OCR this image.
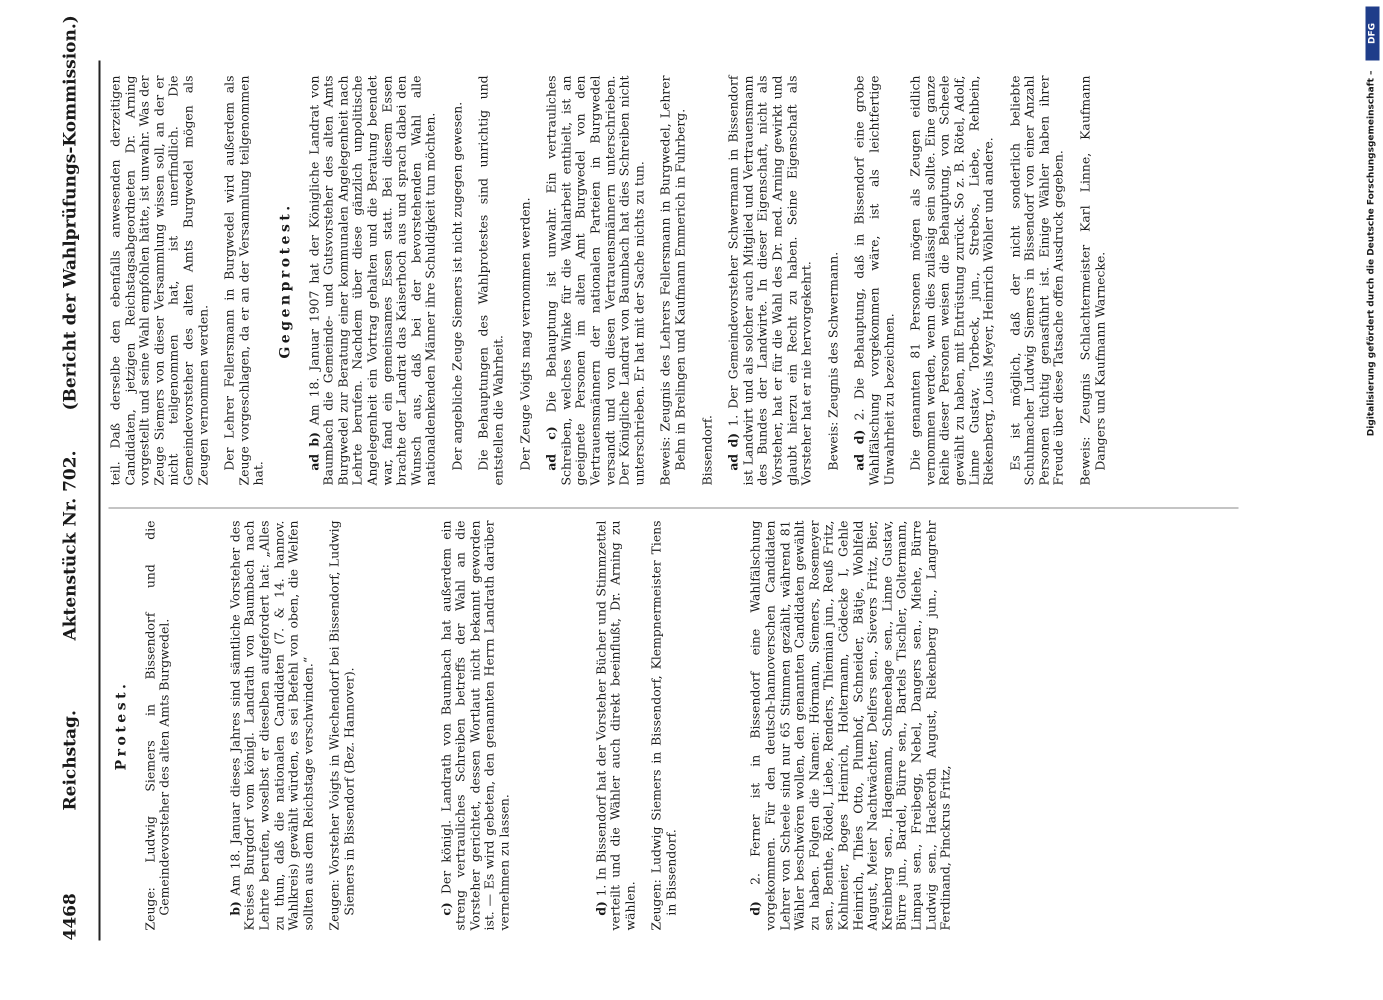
4468
Reichstag.
Aktenstück Nr. 702.
(Bericht der Wahlprüfungs-Kommission.)
Protest. Zeuge: Ludwig Siemers in Bissendorf und die Gemeindevorsteher des alten Amts Burgwedel.	b) Am 18. Januar dieses Jahres sind sämtliche Vorsteher des Kreises Burgdorf vom königl. Landrath von Baumbach nach Lehrte berufen, woselbst er dieselben aufgefordert hat: „Alles zu thun, daß die nationalen Candidaten (7. & 14. hannov. Wahlkreis) gewählt würden, es sei Befehl von oben, die Welfen sollten aus dem Reichstage verschwinden.“ Zeugen: Vorsteher Voigts in Wiechendorf bei Bissendorf, Ludwig Siemers in Bissendorf (Bez. Hannover).	c) Der königl. Landrath von Baumbach hat außerdem ein streng vertrauliches Schreiben betreffs der Wahl an die Vorsteher gerichtet, dessen Wortlaut nicht bekannt geworden ist. — Es wird gebeten, den genannten Herrn Landrath darüber vernehmen zu lassen.	d) 1. In Bissendorf hat der Vorsteher Bücher und Stimmzettel verteilt und die Wähler auch direkt beeinflußt, Dr. Arning zu wählen. Zeugen: Ludwig Siemers in Bissendorf, Klempnermeister Tiens in Bissendorf.	d) 2. Ferner ist in Bissendorf eine Wahlfälschung vorgekommen. Für den deutsch-hannoverschen Candidaten Lehrer von Scheele sind nur 65 Stimmen gezählt, während 81 Wähler beschwören wollen, den genannten Candidaten gewählt zu haben. Folgen die Namen: Hörmann, Siemers, Rosemeyer sen., Benthe, Rödel, Liebe, Renders, Thiemian jun., Reuß Fritz, Kohlmeier, Boges Heinrich, Holtermann, Gödecke I, Gehle Heinrich, Thies Otto, Plumhof, Schneider, Bätje, Wohlfeld August, Meier Nachtwächter, Delfers sen., Sievers Fritz, Bier, Kreinberg sen., Hagemann, Schneehage sen., Linne Gustav, Bürre jun., Bardel, Bürre sen., Bartels Tischler, Goltermann, Limpau sen., Freibegg, Nebel, Dangers sen., Miehe, Bürre Ludwig sen., Hackeroth August, Riekenberg jun., Langrehr Ferdinand, Pinckrus Fritz,

teil. Daß derselbe den ebenfalls anwesenden derzeitigen Candidaten, jetzigen Reichstagsabgeordneten Dr. Arning vorgestellt und seine Wahl empfohlen hätte, ist unwahr. Was der Zeuge Siemers von dieser Versammlung wissen soll, an der er nicht teilgenommen hat, ist unerfindlich. Die Gemeindevorsteher des alten Amts Burgwedel mögen als Zeugen vernommen werden. Der Lehrer Fellersmann in Burgwedel wird außerdem als Zeuge vorgeschlagen, da er an der Versammlung teilgenommen hat.

Gegenprotest.

ad b) Am 18. Januar 1907 hat der Königliche Landrat von Baumbach die Gemeinde- und Gutsvorsteher des alten Amts Burgwedel zur Beratung einer kommunalen Angelegenheit nach Lehrte berufen. Nachdem über diese gänzlich unpolitische Angelegenheit ein Vortrag gehalten und die Beratung beendet war, fand ein gemeinsames Essen statt. Bei diesem Essen brachte der Landrat das Kaiserhoch aus und sprach dabei den Wunsch aus, daß bei der bevorstehenden Wahl alle nationaldenkenden Männer ihre Schuldigkeit tun möchten. Der angebliche Zeuge Siemers ist nicht zugegen gewesen. Die Behauptungen des Wahlprotestes sind unrichtig und entstellen die Wahrheit. Der Zeuge Voigts mag vernommen werden. ad c) Die Behauptung ist unwahr. Ein vertrauliches Schreiben, welches Winke für die Wahlarbeit enthielt, ist an geeignete Personen im alten Amt Burgwedel von den Vertrauensmännern der nationalen Parteien in Burgwedel versandt und von diesen Vertrauensmännern unterschrieben. Der Königliche Landrat von Baumbach hat dies Schreiben nicht unterschrieben. Er hat mit der Sache nichts zu tun. Beweis: Zeugnis des Lehrers Fellersmann in Burgwedel, Lehrer Behn in Brelingen und Kaufmann Emmerich in Fuhrberg. Bissendorf. ad d) 1. Der Gemeindevorsteher Schwermann in Bissendorf ist Landwirt und als solcher auch Mitglied und Vertrauensmann des Bundes der Landwirte. In dieser Eigenschaft, nicht als Vorsteher, hat er für die Wahl des Dr. med. Arning gewirkt und glaubt hierzu ein Recht zu haben. Seine Eigenschaft als Vorsteher hat er nie hervorgekehrt. Beweis: Zeugnis des Schwermann. ad d) 2. Die Behauptung, daß in Bissendorf eine grobe Wahlfälschung vorgekommen wäre, ist als leichtfertige Unwahrheit zu bezeichnen. Die genannten 81 Personen mögen als Zeugen eidlich vernommen werden, wenn dies zulässig sein sollte. Eine ganze Reihe dieser Personen weisen die Behauptung, von Scheele gewählt zu haben, mit Entrüstung zurück. So z. B. Rötel, Adolf, Linne Gustav, Torbeck, jun., Strebos, Liebe, Rehbein, Riekenberg, Louis Meyer, Heinrich Wöhler und andere. Es ist möglich, daß der nicht sonderlich beliebte Schuhmacher Ludwig Siemers in Bissendorf von einer Anzahl Personen tüchtig genasführt ist. Einige Wähler haben ihrer Freude über diese Tatsache offen Ausdruck gegeben. Beweis: Zeugnis Schlachtermeister Karl Linne, Kaufmann Dangers und Kaufmann Warnecke.	Digitalisierung gefördert durch die Deutsche Forschungsgemeinschaft –
DFG
